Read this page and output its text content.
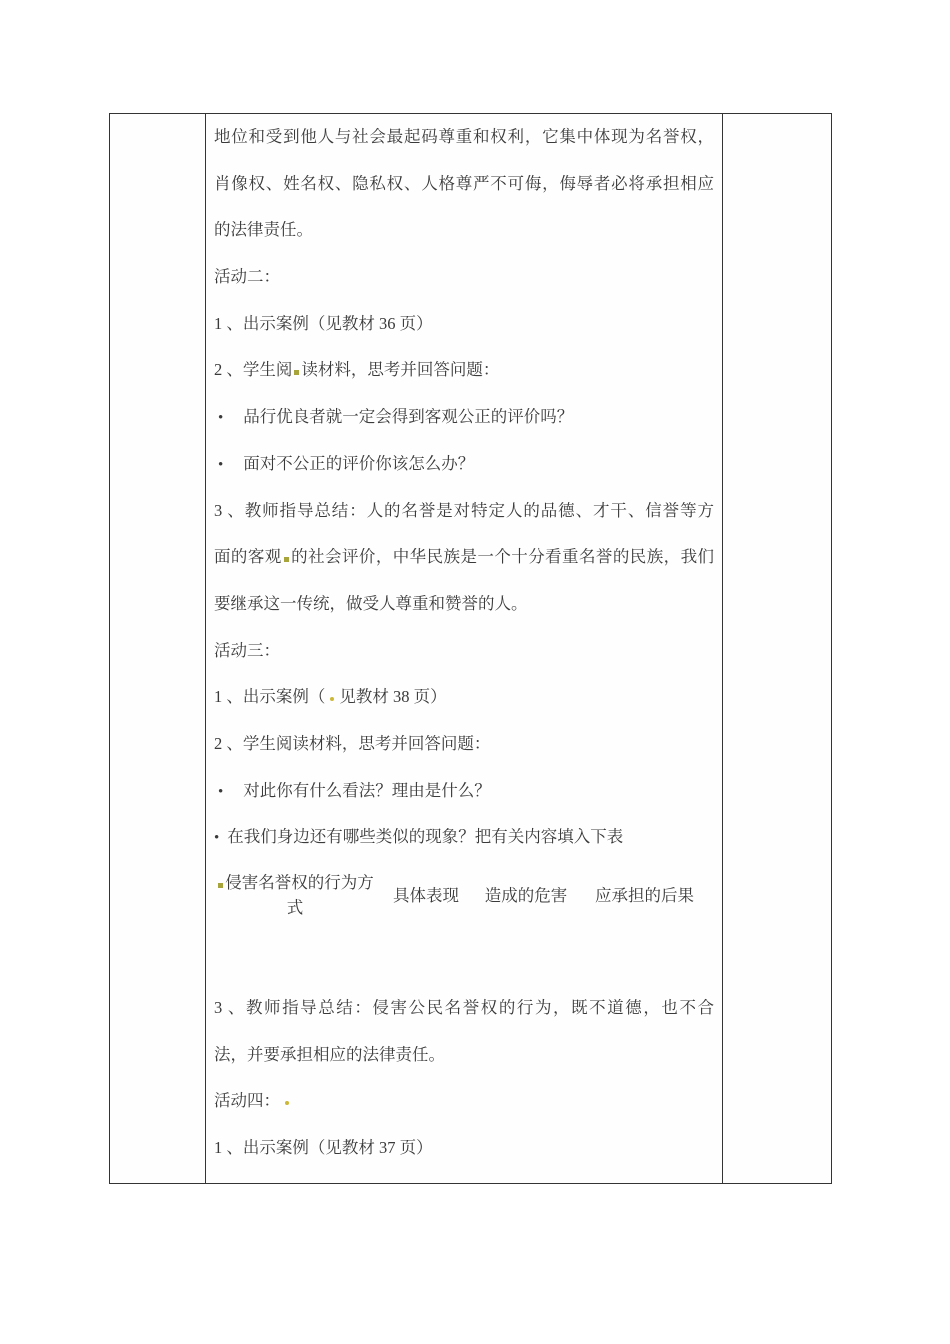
地位和受到他人与社会最起码尊重和权利，它集中体现为名誉权，
肖像权、姓名权、隐私权、人格尊严不可侮，侮辱者必将承担相应
的法律责任。
活动二：
1 、出示案例（见教材 36 页）
2 、学生阅 读材料，思考并回答问题：
• 品行优良者就一定会得到客观公正的评价吗？
• 面对不公正的评价你该怎么办？
3 、教师指导总结：人的名誉是对特定人的品德、才干、信誉等方
面的客观 的社会评价，中华民族是一个十分看重名誉的民族，我们
要继承这一传统，做受人尊重和赞誉的人。
活动三：
1 、出示案例（ 见教材 38 页）
2 、学生阅读材料，思考并回答问题：
• 对此你有什么看法？理由是什么？
• 在我们身边还有哪些类似的现象？把有关内容填入下表
侵害名誉权的行为方式
具体表现	造成的危害	应承担的后果
3 、教师指导总结：侵害公民名誉权的行为，既不道德，也不合
法，并要承担相应的法律责任。
活动四：
1 、出示案例（见教材 37 页）
